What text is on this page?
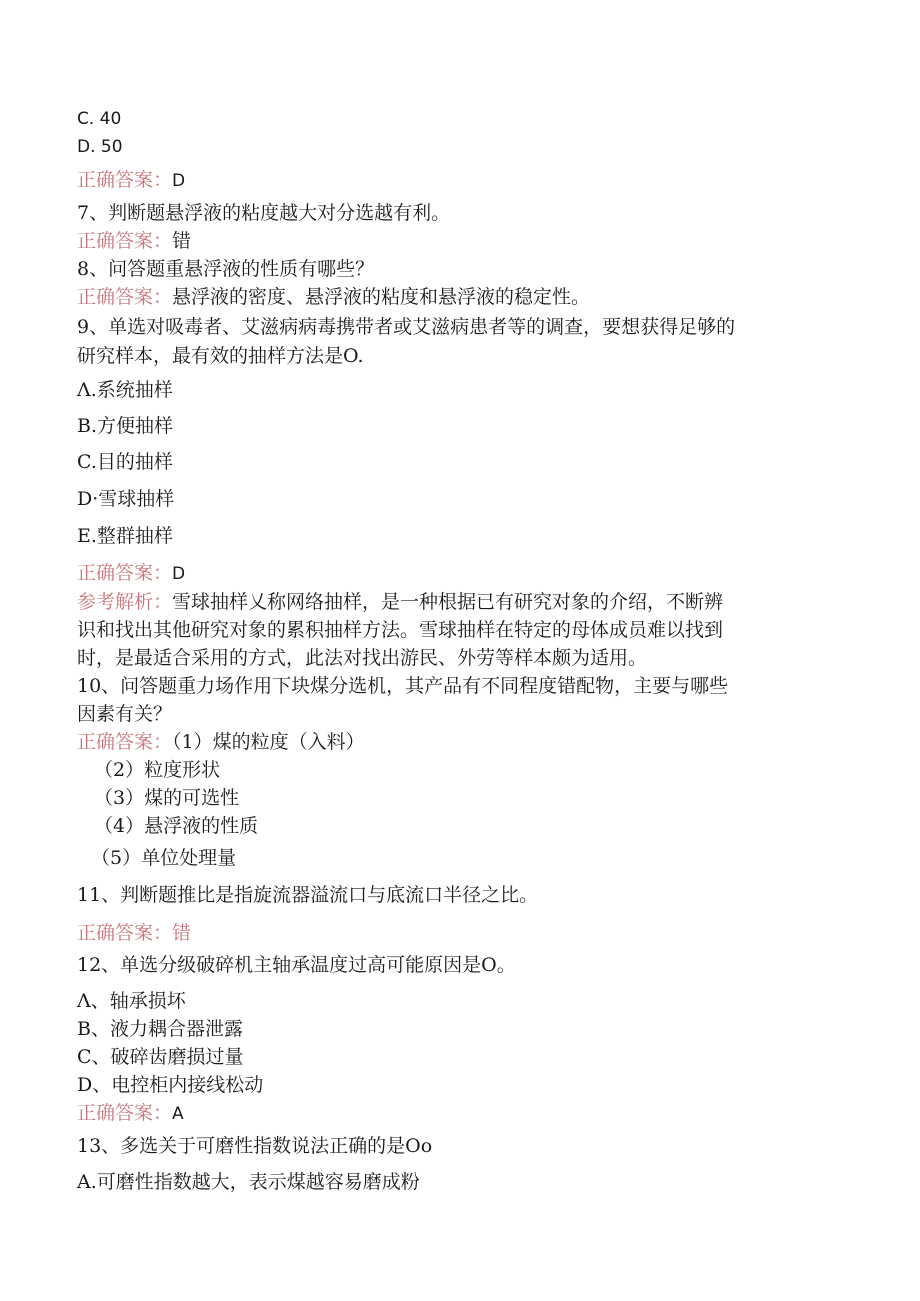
C. 40
D. 50
正确答案：D
7、判断题悬浮液的粘度越大对分选越有利。
正确答案：错
8、问答题重悬浮液的性质有哪些？
正确答案：悬浮液的密度、悬浮液的粘度和悬浮液的稳定性。
9、单选对吸毒者、艾滋病病毒携带者或艾滋病患者等的调查，要想获得足够的
研究样本，最有效的抽样方法是O.
Λ.系统抽样
B.方便抽样
C.目的抽样
D·雪球抽样
E.整群抽样
正确答案：D
参考解析：雪球抽样乂称网络抽样，是一种根据已有研究对象的介绍，不断辨
识和找出其他研究对象的累积抽样方法。雪球抽样在特定的母体成员难以找到
时，是最适合采用的方式，此法对找出游民、外劳等样本颇为适用。
10、问答题重力场作用下块煤分选机，其产品有不同程度错配物，主要与哪些
因素有关？
正确答案：（1）煤的粒度（入料）
（2）粒度形状
（3）煤的可选性
（4）悬浮液的性质
（5）单位处理量
11、判断题推比是指旋流器溢流口与底流口半径之比。
正确答案：错
12、单选分级破碎机主轴承温度过高可能原因是O。
Λ、轴承损坏
B、液力耦合器泄露
C、破碎齿磨损过量
D、电控柜内接线松动
正确答案：A
13、多选关于可磨性指数说法正确的是Oo
A.可磨性指数越大，表示煤越容易磨成粉
